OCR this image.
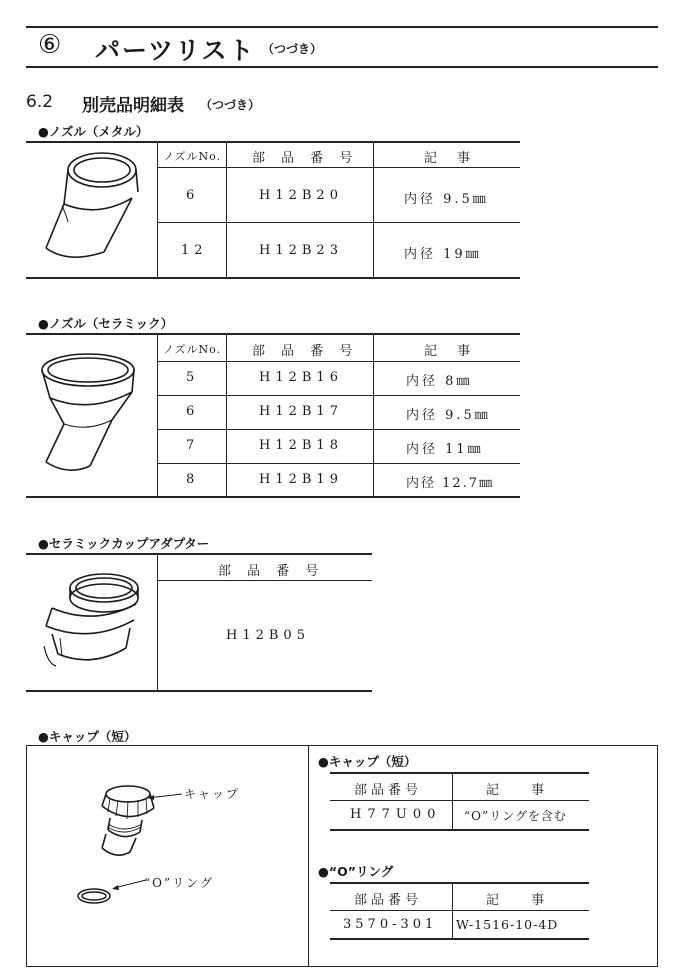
⑥ パーツリスト （つづき）
6.2 別売品明細表 （つづき）
●ノズル（メタル）
ノズルNo. 部 品 番 号	記 事
6	H12B20	内径 9.5㎜
12	H12B23	内径 19㎜
●ノズル（セラミック）
ノズルNo. 部 品 番 号	記 事
5	H12B16	内径 8㎜
6	H12B17	内径 9.5㎜
7	H12B18	内径 11㎜
8	H12B19	内径 12.7㎜
●セラミックカップアダプター
部 品 番 号
H12B05
●キャップ（短）
キャップ
“O”リング
●キャップ（短）
部品番号	記 事
H77U00 “O”リングを含む
●“O”リング
部品番号	記 事
3570-301 W-1516-10-4D
